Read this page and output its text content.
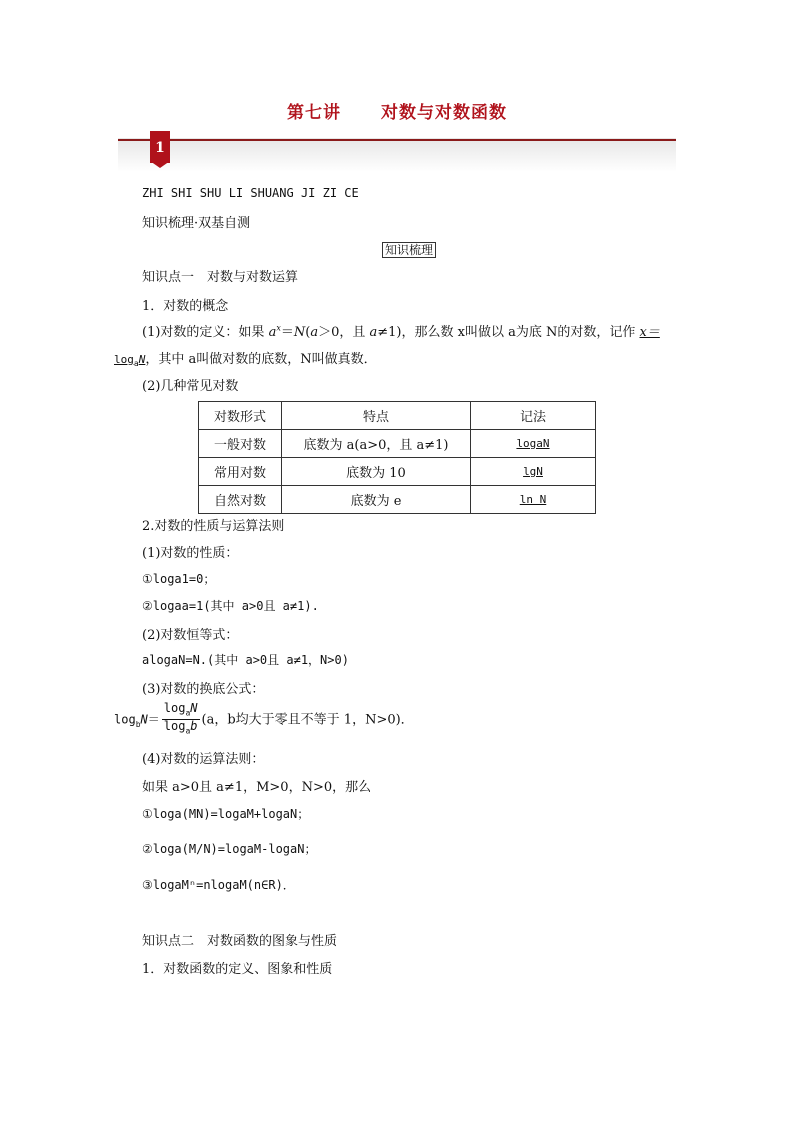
第七讲 对数与对数函数
1
ZHI SHI SHU LI SHUANG JI ZI CE
知识梳理·双基自测
知识梳理
知识点一　对数与对数运算
1．对数的概念
(1)对数的定义：如果 $a^x=N(a>0$，且 a≠1)，那么数 x叫做以 a为底 N的对数，记作 x＝
$\log_aN$，其中 a叫做对数的底数，N叫做真数．
(2)几种常见对数
对数形式	特点	记法
一般对数	底数为 a(a>0，且 a≠1)	logaN
常用对数	底数为 10	lgN
自然对数	底数为 e	ln N
2.对数的性质与运算法则
(1)对数的性质：
①loga1=0；
②logaa=1(其中 a>0且 a≠1).
(2)对数恒等式：
alogaN=N.(其中 a>0且 a≠1，N>0)
(3)对数的换底公式：
$\log_bN= \frac{\log_aN}{\log_ab} (a$，b均大于零且不等于 1，N>0)．
(4)对数的运算法则：
如果 a>0且 a≠1，M>0，N>0，那么
①loga(MN)=logaM+logaN；
②loga(M/N)=logaM-logaN；
③logaMⁿ=nlogaM(n∈R)．
知识点二　对数函数的图象与性质
1．对数函数的定义、图象和性质
